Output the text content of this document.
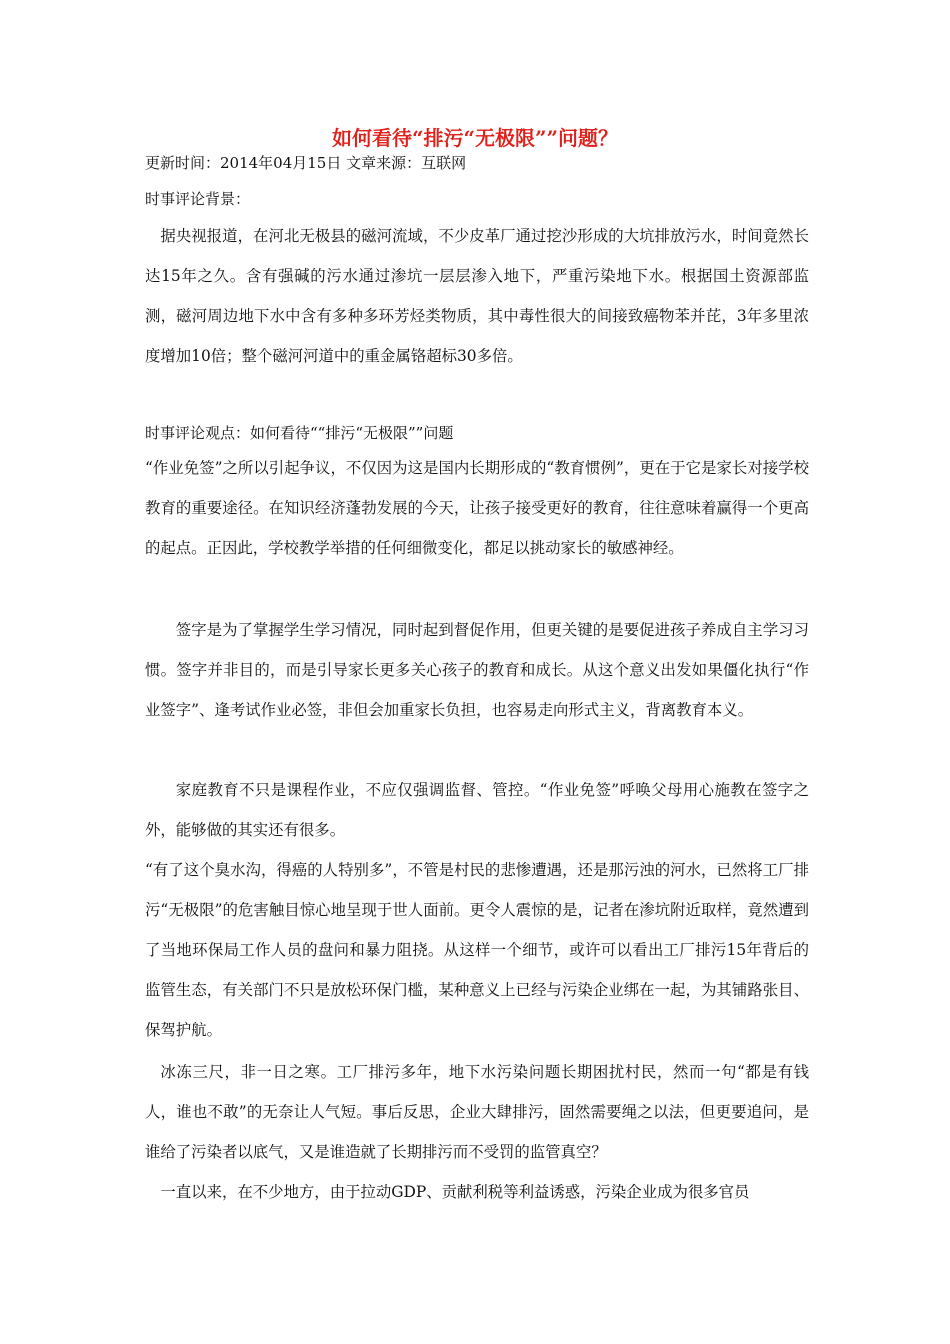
如何看待“排污“无极限””问题？
更新时间：2014年04月15日 文章来源：互联网
时事评论背景：
据央视报道，在河北无极县的磁河流域，不少皮革厂通过挖沙形成的大坑排放污水，时间竟然长达15年之久。含有强碱的污水通过渗坑一层层渗入地下，严重污染地下水。根据国土资源部监测，磁河周边地下水中含有多种多环芳烃类物质，其中毒性很大的间接致癌物苯并芘，3年多里浓度增加10倍；整个磁河河道中的重金属铬超标30多倍。
时事评论观点：如何看待““排污“无极限””问题
“作业免签”之所以引起争议，不仅因为这是国内长期形成的“教育惯例”，更在于它是家长对接学校教育的重要途径。在知识经济蓬勃发展的今天，让孩子接受更好的教育，往往意味着赢得一个更高的起点。正因此，学校教学举措的任何细微变化，都足以挑动家长的敏感神经。
签字是为了掌握学生学习情况，同时起到督促作用，但更关键的是要促进孩子养成自主学习习惯。签字并非目的，而是引导家长更多关心孩子的教育和成长。从这个意义出发如果僵化执行“作业签字”、逢考试作业必签，非但会加重家长负担，也容易走向形式主义，背离教育本义。
家庭教育不只是课程作业，不应仅强调监督、管控。“作业免签”呼唤父母用心施教在签字之外，能够做的其实还有很多。
“有了这个臭水沟，得癌的人特别多”，不管是村民的悲惨遭遇，还是那污浊的河水，已然将工厂排污“无极限”的危害触目惊心地呈现于世人面前。更令人震惊的是，记者在渗坑附近取样，竟然遭到了当地环保局工作人员的盘问和暴力阻挠。从这样一个细节，或许可以看出工厂排污15年背后的监管生态，有关部门不只是放松环保门槛，某种意义上已经与污染企业绑在一起，为其铺路张目、保驾护航。
冰冻三尺，非一日之寒。工厂排污多年，地下水污染问题长期困扰村民，然而一句“都是有钱人，谁也不敢”的无奈让人气短。事后反思，企业大肆排污，固然需要绳之以法，但更要追问，是谁给了污染者以底气，又是谁造就了长期排污而不受罚的监管真空？
一直以来，在不少地方，由于拉动GDP、贡献利税等利益诱惑，污染企业成为很多官员
